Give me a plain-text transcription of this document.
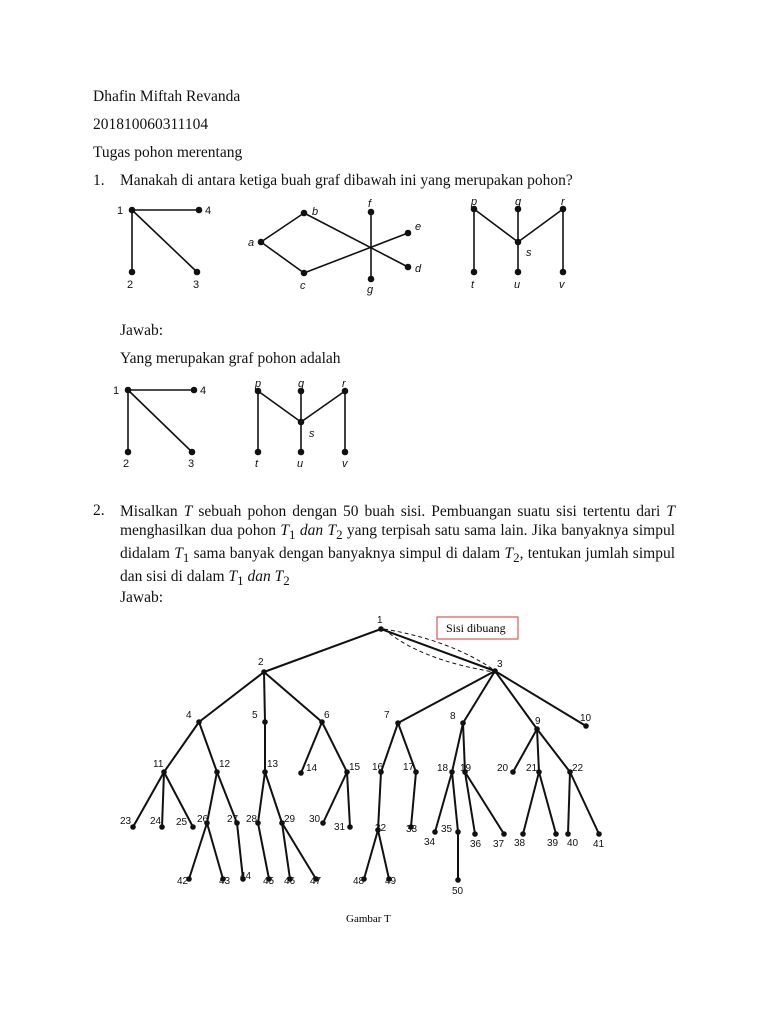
Dhafin Miftah Revanda
201810060311104
Tugas pohon merentang
1. Manakah di antara ketiga buah graf dibawah ini yang merupakan pohon?
1	4
2	3
a
b
c
d
e
f
g
p	q	r
s
t	u	v
Jawab:
Yang merupakan graf pohon adalah
1	4
2	3
p	q	r
s
t	u	v
2. Misalkan T sebuah pohon dengan 50 buah sisi. Pembuangan suatu sisi tertentu dari T menghasilkan dua pohon $T_1$ dan $T_2$ yang terpisah satu sama lain. Jika banyaknya simpul didalam $T_1$ sama banyak dengan banyaknya simpul di dalam $T_2$, tentukan jumlah simpul dan sisi di dalam $T_1$ dan $T_2$
Jawab:
Sisi dibuang
1
2	3
4	5	6	7	8	9	10
11	12	13	14	15 16 17 18 19	20 21	22
23 24 25 26 27 28	29 30
31	32 33
34
35
36 37 38 39 40 41
42	43 44 45 46 47	48 49
50
Gambar T
